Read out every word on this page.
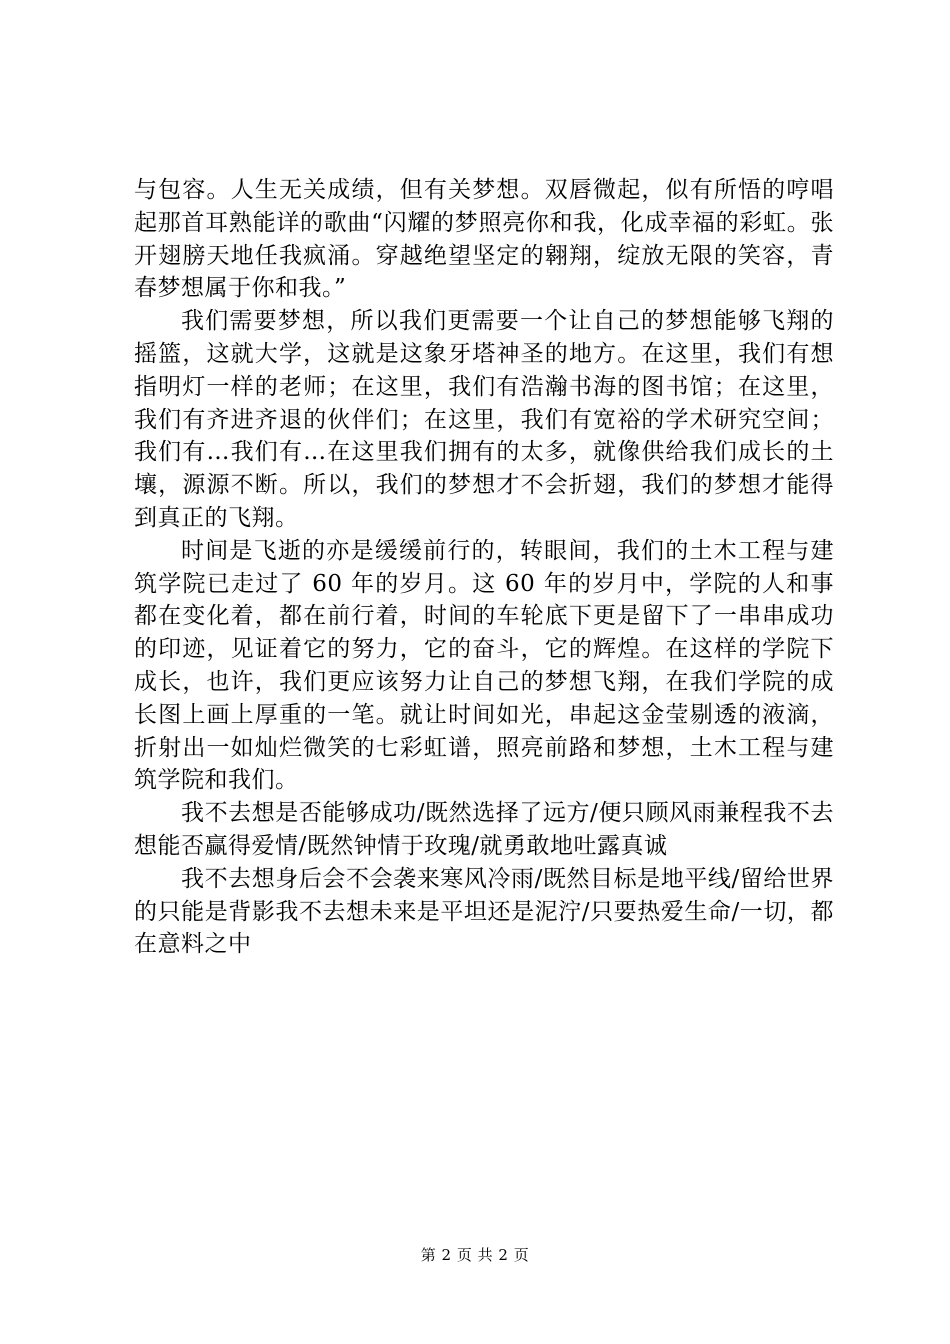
与包容。人生无关成绩，但有关梦想。双唇微起，似有所悟的哼唱起那首耳熟能详的歌曲“闪耀的梦照亮你和我，化成幸福的彩虹。张开翅膀天地任我疯涌。穿越绝望坚定的翱翔，绽放无限的笑容，青春梦想属于你和我。”

我们需要梦想，所以我们更需要一个让自己的梦想能够飞翔的摇篮，这就大学，这就是这象牙塔神圣的地方。在这里，我们有想指明灯一样的老师；在这里，我们有浩瀚书海的图书馆；在这里，我们有齐进齐退的伙伴们；在这里，我们有宽裕的学术研究空间；我们有…我们有…在这里我们拥有的太多，就像供给我们成长的土壤，源源不断。所以，我们的梦想才不会折翅，我们的梦想才能得到真正的飞翔。

时间是飞逝的亦是缓缓前行的，转眼间，我们的土木工程与建筑学院已走过了 60 年的岁月。这 60 年的岁月中，学院的人和事都在变化着，都在前行着，时间的车轮底下更是留下了一串串成功的印迹，见证着它的努力，它的奋斗，它的辉煌。在这样的学院下成长，也许，我们更应该努力让自己的梦想飞翔，在我们学院的成长图上画上厚重的一笔。就让时间如光，串起这金莹剔透的液滴，折射出一如灿烂微笑的七彩虹谱，照亮前路和梦想，土木工程与建筑学院和我们。

我不去想是否能够成功/既然选择了远方/便只顾风雨兼程我不去想能否赢得爱情/既然钟情于玫瑰/就勇敢地吐露真诚

我不去想身后会不会袭来寒风冷雨/既然目标是地平线/留给世界的只能是背影我不去想未来是平坦还是泥泞/只要热爱生命/一切，都在意料之中

第 2 页 共 2 页
